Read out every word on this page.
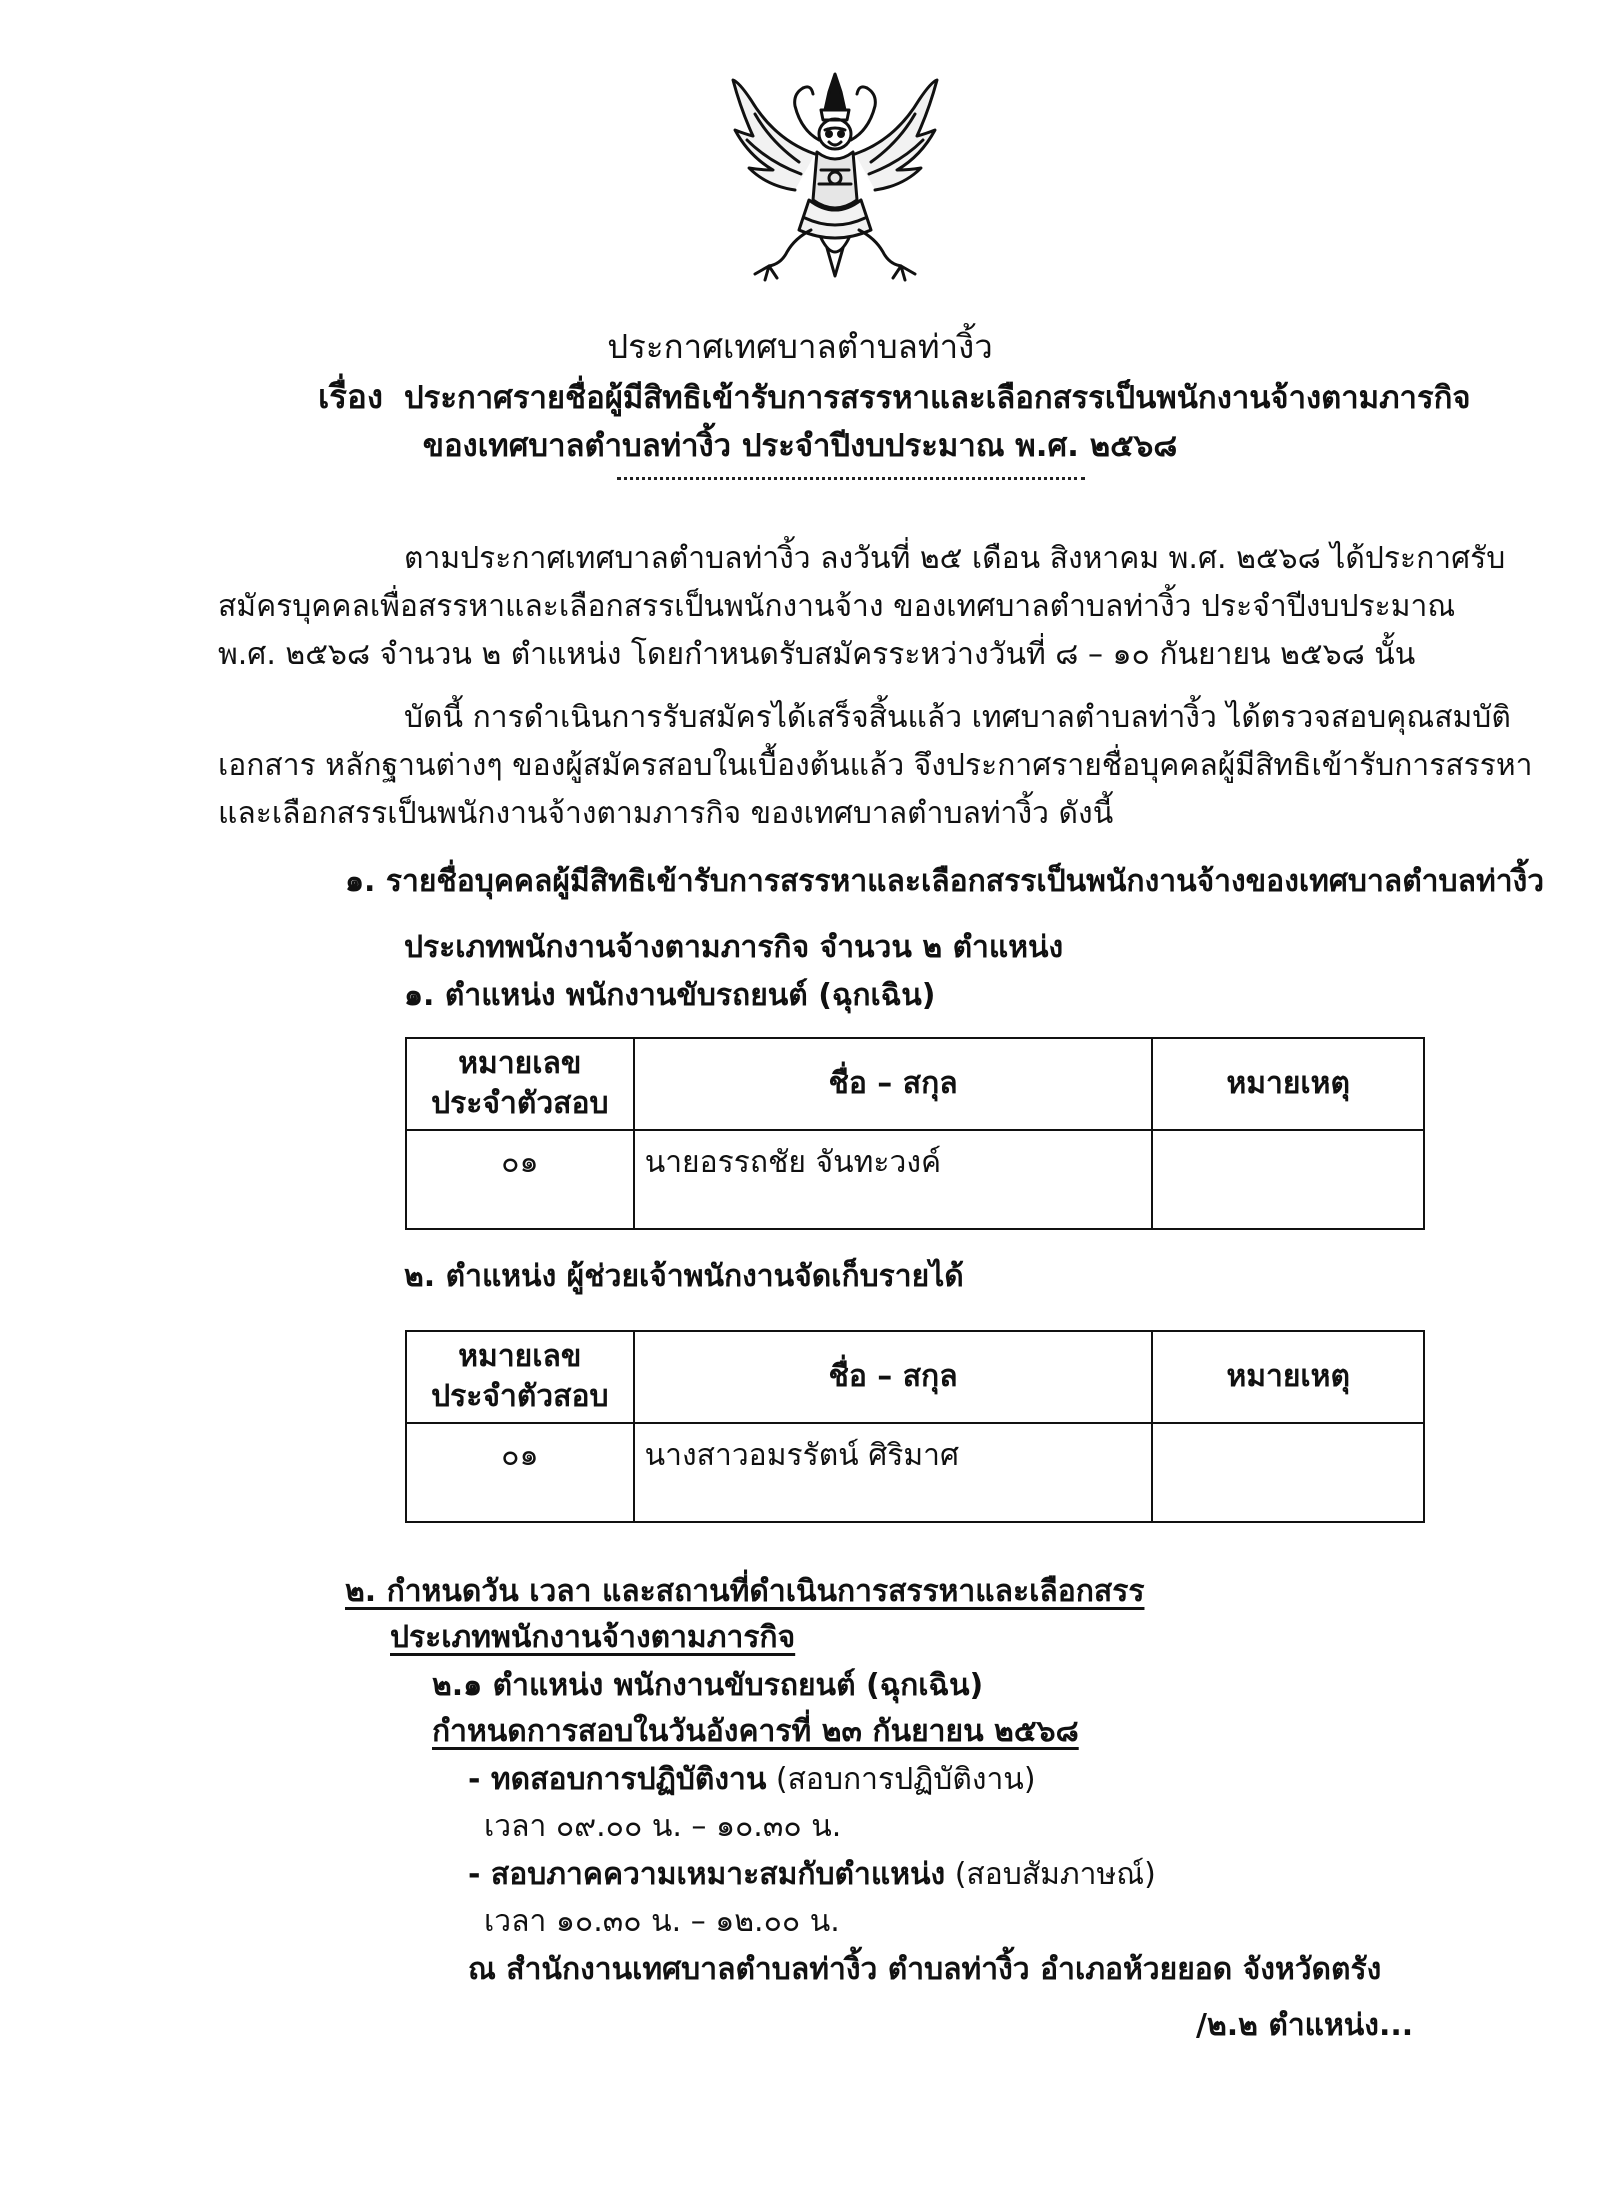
ประกาศเทศบาลตำบลท่างิ้ว
เรื่อง ประกาศรายชื่อผู้มีสิทธิเข้ารับการสรรหาและเลือกสรรเป็นพนักงานจ้างตามภารกิจ
ของเทศบาลตำบลท่างิ้ว ประจำปีงบประมาณ พ.ศ. ๒๕๖๘
ตามประกาศเทศบาลตำบลท่างิ้ว ลงวันที่ ๒๕ เดือน สิงหาคม พ.ศ. ๒๕๖๘ ได้ประกาศรับ
สมัครบุคคลเพื่อสรรหาและเลือกสรรเป็นพนักงานจ้าง ของเทศบาลตำบลท่างิ้ว ประจำปีงบประมาณ
พ.ศ. ๒๕๖๘ จำนวน ๒ ตำแหน่ง โดยกำหนดรับสมัครระหว่างวันที่ ๘ – ๑๐ กันยายน ๒๕๖๘ นั้น
บัดนี้ การดำเนินการรับสมัครได้เสร็จสิ้นแล้ว เทศบาลตำบลท่างิ้ว ได้ตรวจสอบคุณสมบัติ
เอกสาร หลักฐานต่างๆ ของผู้สมัครสอบในเบื้องต้นแล้ว จึงประกาศรายชื่อบุคคลผู้มีสิทธิเข้ารับการสรรหา
และเลือกสรรเป็นพนักงานจ้างตามภารกิจ ของเทศบาลตำบลท่างิ้ว ดังนี้
๑. รายชื่อบุคคลผู้มีสิทธิเข้ารับการสรรหาและเลือกสรรเป็นพนักงานจ้างของเทศบาลตำบลท่างิ้ว
ประเภทพนักงานจ้างตามภารกิจ จำนวน ๒ ตำแหน่ง
๑. ตำแหน่ง พนักงานขับรถยนต์ (ฉุกเฉิน)
หมายเลข
ประจำตัวสอบ	ชื่อ – สกุล	หมายเหตุ
๐๑	นายอรรถชัย จันทะวงค์	
๒. ตำแหน่ง ผู้ช่วยเจ้าพนักงานจัดเก็บรายได้
หมายเลข
ประจำตัวสอบ	ชื่อ – สกุล	หมายเหตุ
๐๑	นางสาวอมรรัตน์ ศิริมาศ	
๒. กำหนดวัน เวลา และสถานที่ดำเนินการสรรหาและเลือกสรร
ประเภทพนักงานจ้างตามภารกิจ
๒.๑ ตำแหน่ง พนักงานขับรถยนต์ (ฉุกเฉิน)
กำหนดการสอบในวันอังคารที่ ๒๓ กันยายน ๒๕๖๘
- ทดสอบการปฏิบัติงาน (สอบการปฏิบัติงาน)
เวลา ๐๙.๐๐ น. – ๑๐.๓๐ น.
- สอบภาคความเหมาะสมกับตำแหน่ง (สอบสัมภาษณ์)
เวลา ๑๐.๓๐ น. – ๑๒.๐๐ น.
ณ สำนักงานเทศบาลตำบลท่างิ้ว ตำบลท่างิ้ว อำเภอห้วยยอด จังหวัดตรัง
/๒.๒ ตำแหน่ง...
